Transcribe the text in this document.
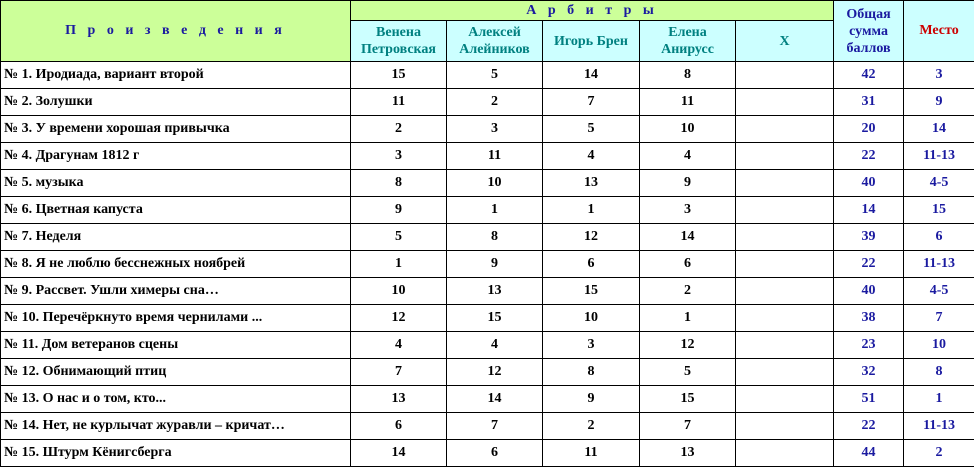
П р о и з в е д е н и я	А р б и т р ы					Общая сумма баллов	Место
	Венена Петровская	Алексей Алейников	Игорь Брен	Елена Анирусс	Х		
№ 1. Иродиада, вариант второй	15	5	14	8		42	3
№ 2. Золушки	11	2	7	11		31	9
№ 3. У времени хорошая привычка	2	3	5	10		20	14
№ 4. Драгунам 1812 г	3	11	4	4		22	11-13
№ 5. музыка	8	10	13	9		40	4-5
№ 6. Цветная капуста	9	1	1	3		14	15
№ 7. Неделя	5	8	12	14		39	6
№ 8. Я не люблю бесснежных ноябрей	1	9	6	6		22	11-13
№ 9. Рассвет. Ушли химеры сна…	10	13	15	2		40	4-5
№ 10. Перечёркнуто время чернилами ...	12	15	10	1		38	7
№ 11. Дом ветеранов сцены	4	4	3	12		23	10
№ 12. Обнимающий птиц	7	12	8	5		32	8
№ 13. О нас и о том, кто...	13	14	9	15		51	1
№ 14. Нет, не курлычат журавли – кричат…	6	7	2	7		22	11-13
№ 15. Штурм Кёнигсберга	14	6	11	13		44	2
